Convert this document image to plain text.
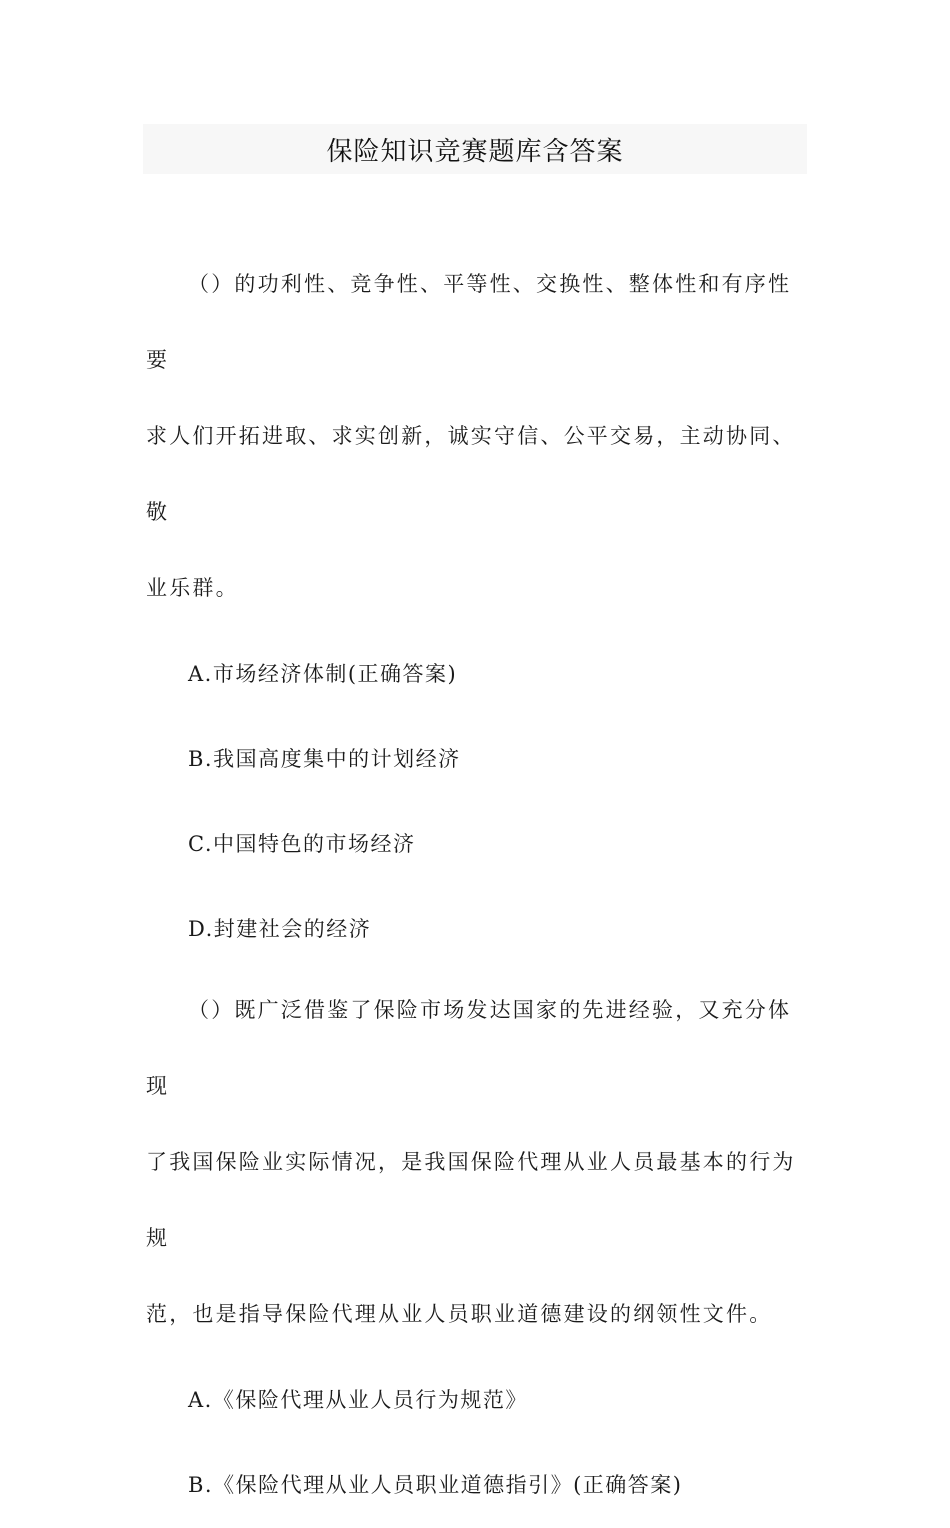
保险知识竞赛题库含答案

（）的功利性、竞争性、平等性、交换性、整体性和有序性要

求人们开拓进取、求实创新，诚实守信、公平交易，主动协同、敬

业乐群。

A.市场经济体制(正确答案)

B.我国高度集中的计划经济

C.中国特色的市场经济

D.封建社会的经济

（）既广泛借鉴了保险市场发达国家的先进经验，又充分体现

了我国保险业实际情况，是我国保险代理从业人员最基本的行为规

范，也是指导保险代理从业人员职业道德建设的纲领性文件。

A.《保险代理从业人员行为规范》

B.《保险代理从业人员职业道德指引》(正确答案)
